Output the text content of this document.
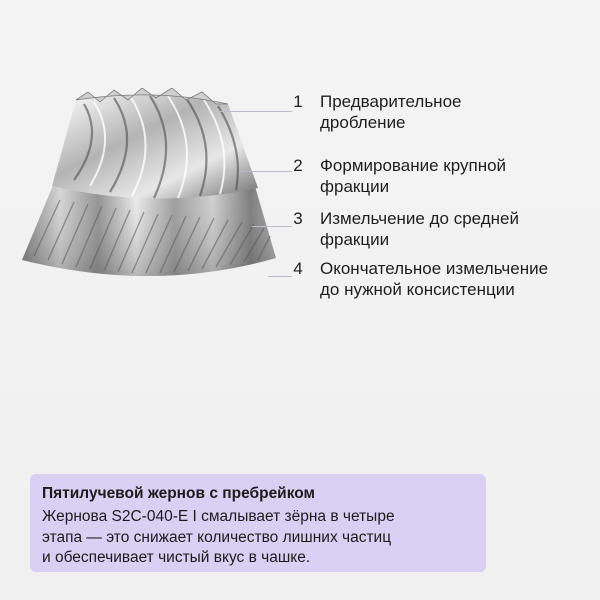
1 Предварительное
дробление
2 Формирование крупной
фракции
3 Измельчение до средней
фракции
4 Окончательное измельчение
до нужной консистенции
Пятилучевой жернов с пребрейком
Жернова S2C-040-E I смалывает зёрна в четыре
этапа — это снижает количество лишних частиц
и обеспечивает чистый вкус в чашке.
